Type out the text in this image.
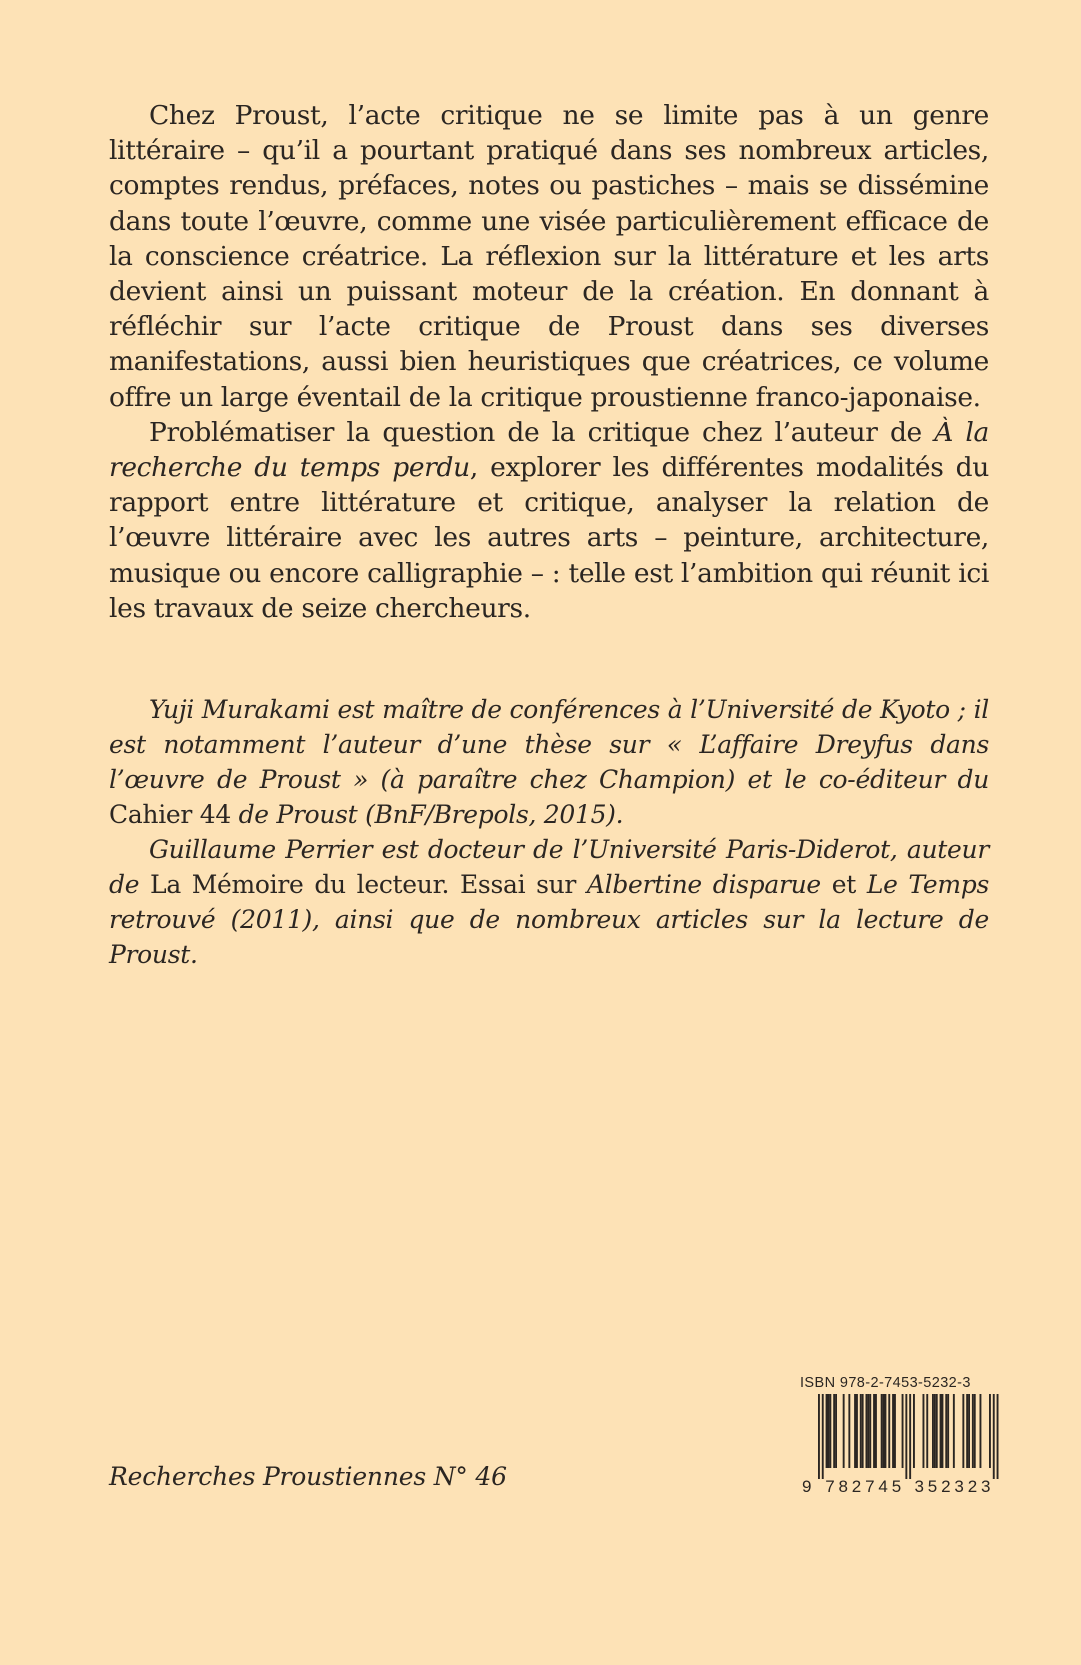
Chez Proust, l’acte critique ne se limite pas à un genre littéraire – qu’il a pourtant pratiqué dans ses nombreux articles, comptes rendus, préfaces, notes ou pastiches – mais se dissémine dans toute l’œuvre, comme une visée particulièrement efficace de la conscience créatrice. La réflexion sur la littérature et les arts devient ainsi un puissant moteur de la création. En donnant à réfléchir sur l’acte critique de Proust dans ses diverses manifestations, aussi bien heuristiques que créatrices, ce volume offre un large éventail de la critique proustienne franco-japonaise.

Problématiser la question de la critique chez l’auteur de À la recherche du temps perdu, explorer les différentes modalités du rapport entre littérature et critique, analyser la relation de l’œuvre littéraire avec les autres arts – peinture, architecture, musique ou encore calligraphie – : telle est l’ambition qui réunit ici les travaux de seize chercheurs.

Yuji Murakami est maître de conférences à l’Université de Kyoto ; il est notamment l’auteur d’une thèse sur « L’affaire Dreyfus dans l’œuvre de Proust » (à paraître chez Champion) et le co-éditeur du Cahier 44 de Proust (BnF/Brepols, 2015).

Guillaume Perrier est docteur de l’Université Paris-Diderot, auteur de La Mémoire du lecteur. Essai sur Albertine disparue et Le Temps retrouvé (2011), ainsi que de nombreux articles sur la lecture de Proust.

Recherches Proustiennes N° 46
ISBN 978-2-7453-5232-3
9 7 8 2 7 4 5 3 5 2 3 2 3
